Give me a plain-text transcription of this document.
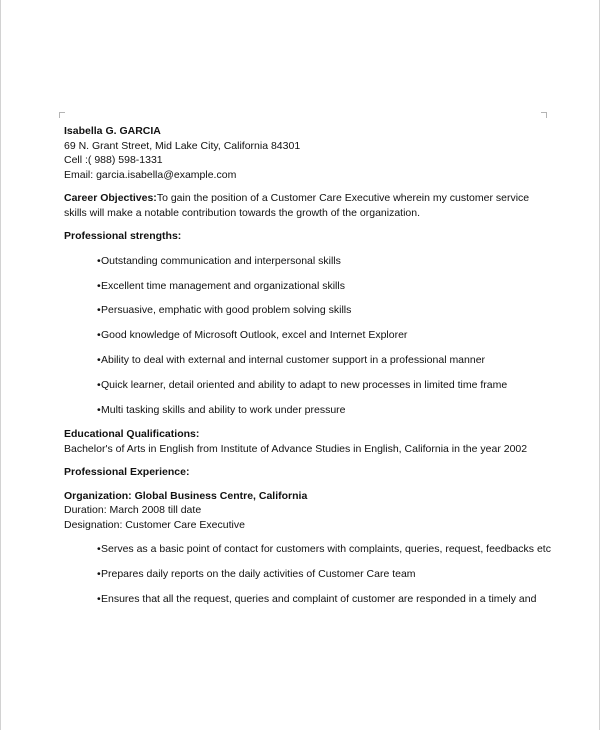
Isabella G. GARCIA

69 N. Grant Street, Mid Lake City, California 84301

Cell :( 988) 598-1331

Email: garcia.isabella@example.com

Career Objectives:To gain the position of a Customer Care Executive wherein my customer service skills will make a notable contribution towards the growth of the organization.

Professional strengths:

• Outstanding communication and interpersonal skills
• Excellent time management and organizational skills
• Persuasive, emphatic with good problem solving skills
• Good knowledge of Microsoft Outlook, excel and Internet Explorer
• Ability to deal with external and internal customer support in a professional manner
• Quick learner, detail oriented and ability to adapt to new processes in limited time frame
• Multi tasking skills and ability to work under pressure

Educational Qualifications:

Bachelor's of Arts in English from Institute of Advance Studies in English, California in the year 2002

Professional Experience:

Organization: Global Business Centre, California

Duration: March 2008 till date

Designation: Customer Care Executive

• Serves as a basic point of contact for customers with complaints, queries, request, feedbacks etc
• Prepares daily reports on the daily activities of Customer Care team
• Ensures that all the request, queries and complaint of customer are responded in a timely and
